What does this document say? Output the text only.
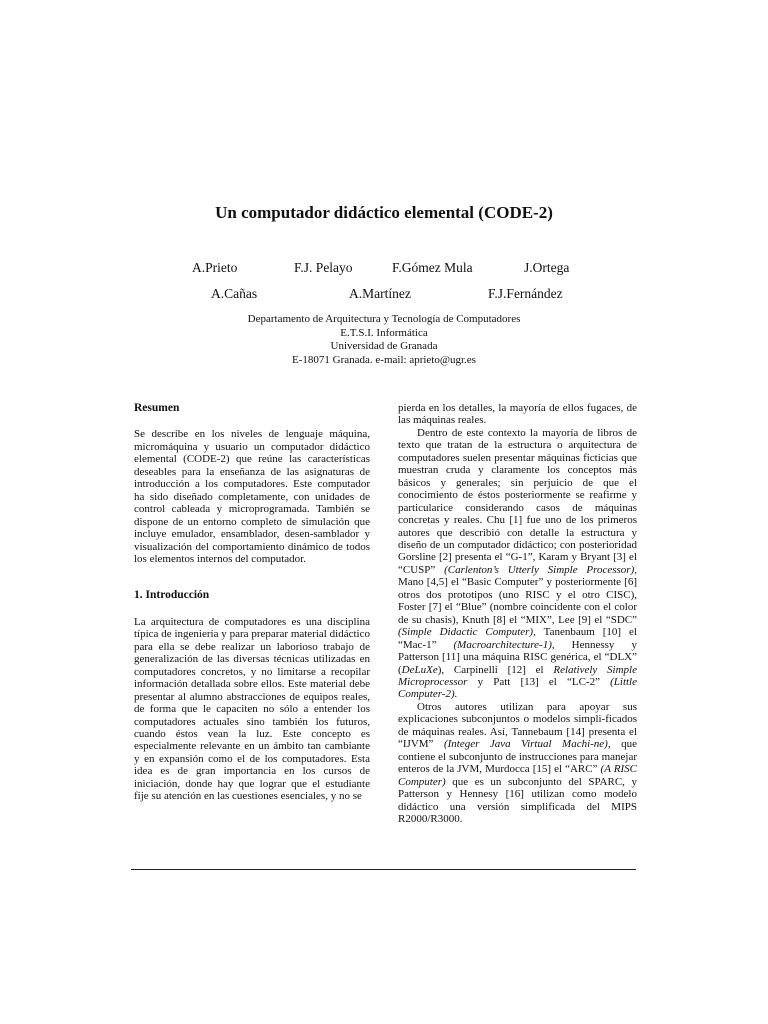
Un computador didáctico elemental (CODE-2)
A.Prieto	F.J. Pelayo	F.Gómez Mula	J.Ortega
A.Cañas	A.Martínez	F.J.Fernández
Departamento de Arquitectura y Tecnología de Computadores
E.T.S.I. Informática
Universidad de Granada
E-18071 Granada. e-mail: aprieto@ugr.es

Resumen

Se describe en los niveles de lenguaje máquina, micromáquina y usuario un computador didáctico elemental (CODE-2) que reúne las características deseables para la enseñanza de las asignaturas de introducción a los computadores. Este computador ha sido diseñado completamente, con unidades de control cableada y microprogramada. También se dispone de un entorno completo de simulación que incluye emulador, ensamblador, desen-samblador y visualización del comportamiento dinámico de todos los elementos internos del computador.

1. Introducción

La arquitectura de computadores es una disciplina típica de ingeniería y para preparar material didáctico para ella se debe realizar un laborioso trabajo de generalización de las diversas técnicas utilizadas en computadores concretos, y no limitarse a recopilar información detallada sobre ellos. Este material debe presentar al alumno abstracciones de equipos reales, de forma que le capaciten no sólo a entender los computadores actuales sino también los futuros, cuando éstos vean la luz. Este concepto es especialmente relevante en un ámbito tan cambiante y en expansión como el de los computadores. Esta idea es de gran importancia en los cursos de iniciación, donde hay que lograr que el estudiante fije su atención en las cuestiones esenciales, y no se

pierda en los detalles, la mayoría de ellos fugaces, de las máquinas reales.

Dentro de este contexto la mayoría de libros de texto que tratan de la estructura o arquitectura de computadores suelen presentar máquinas ficticias que muestran cruda y claramente los conceptos más básicos y generales; sin perjuicio de que el conocimiento de éstos posteriormente se reafirme y particularice considerando casos de máquinas concretas y reales. Chu [1] fue uno de los primeros autores que describió con detalle la estructura y diseño de un computador didáctico; con posterioridad Gorsline [2] presenta el “G-1”, Karam y Bryant [3] el “CUSP” (Carlenton’s Utterly Simple Processor), Mano [4,5] el “Basic Computer” y posteriormente [6] otros dos prototipos (uno RISC y el otro CISC), Foster [7] el “Blue” (nombre coincidente con el color de su chasis), Knuth [8] el “MIX”, Lee [9] el “SDC” (Simple Didactic Computer), Tanenbaum [10] el “Mac-1” (Macroarchitecture-1), Hennessy y Patterson [11] una máquina RISC genérica, el “DLX” (DeLuXe), Carpinelli [12] el Relatively Simple Microprocessor y Patt [13] el “LC-2” (Little Computer-2).

Otros autores utilizan para apoyar sus explicaciones subconjuntos o modelos simpli-ficados de máquinas reales. Así, Tannebaum [14] presenta el “IJVM” (Integer Java Virtual Machi-ne), que contiene el subconjunto de instrucciones para manejar enteros de la JVM, Murdocca [15] el “ARC” (A RISC Computer) que es un subconjunto del SPARC, y Patterson y Hennesy [16] utilizan como modelo didáctico una versión simplificada del MIPS R2000/R3000.
